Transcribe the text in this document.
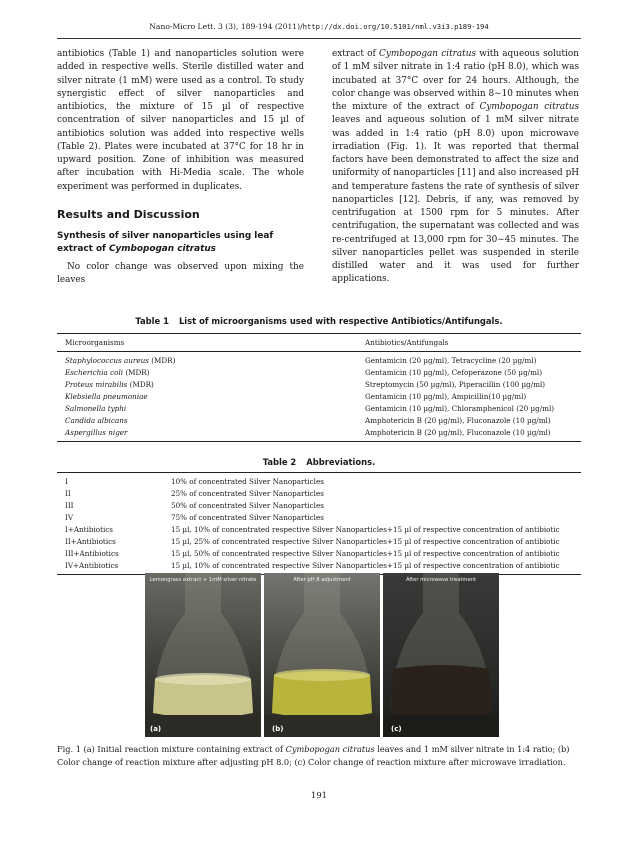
Nano-Micro Lett. 3 (3), 189-194 (2011)/http://dx.doi.org/10.5101/nml.v3i3.p189-194

antibiotics (Table 1) and nanoparticles solution were added in respective wells. Sterile distilled water and silver nitrate (1 mM) were used as a control. To study synergistic effect of silver nanoparticles and antibiotics, the mixture of 15 µl of respective concentration of silver nanoparticles and 15 µl of antibiotics solution was added into respective wells (Table 2). Plates were incubated at 37°C for 18 hr in upward position. Zone of inhibition was measured after incubation with Hi-Media scale. The whole experiment was performed in duplicates.

Results and Discussion
Synthesis of silver nanoparticles using leaf extract of Cymbopogan citratus

No color change was observed upon mixing the leaves

extract of Cymbopogan citratus with aqueous solution of 1 mM silver nitrate in 1:4 ratio (pH 8.0), which was incubated at 37°C over for 24 hours. Although, the color change was observed within 8∼10 minutes when the mixture of the extract of Cymbopogan citratus leaves and aqueous solution of 1 mM silver nitrate was added in 1:4 ratio (pH 8.0) upon microwave irradiation (Fig. 1). It was reported that thermal factors have been demonstrated to affect the size and uniformity of nanoparticles [11] and also increased pH and temperature fastens the rate of synthesis of silver nanoparticles [12]. Debris, if any, was removed by centrifugation at 1500 rpm for 5 minutes. After centrifugation, the supernatant was collected and was re-centrifuged at 13,000 rpm for 30∼45 minutes. The silver nanoparticles pellet was suspended in sterile distilled water and it was used for further applications.

Table 1 List of microorganisms used with respective Antibiotics/Antifungals.
Microorganisms	Antibiotics/Antifungals
Staphylococcus aureus (MDR)	Gentamicin (20 µg/ml), Tetracycline (20 µg/ml)
Escherichia coli (MDR)	Gentamicin (10 µg/ml), Cefoperazone (50 µg/ml)
Proteus mirabilis (MDR)	Streptomycin (50 µg/ml), Piperacillin (100 µg/ml)
Klebsiella pneumoniae	Gentamicin (10 µg/ml), Ampicillin(10 µg/ml)
Salmonella typhi	Gentamicin (10 µg/ml), Chloramphenicol (20 µg/ml)
Candida albicans	Amphotericin B (20 µg/ml), Fluconazole (10 µg/ml)
Aspergillus niger	Amphotericin B (20 µg/ml), Fluconazole (10 µg/ml)
Table 2 Abbreviations.
I	10% of concentrated Silver Nanoparticles
II	25% of concentrated Silver Nanoparticles
III	50% of concentrated Silver Nanoparticles
IV	75% of concentrated Silver Nanoparticles
I+Antibiotics	15 µl, 10% of concentrated respective Silver Nanoparticles+15 µl of respective concentration of antibiotic
II+Antibiotics	15 µl, 25% of concentrated respective Silver Nanoparticles+15 µl of respective concentration of antibiotic
III+Antibiotics	15 µl, 50% of concentrated respective Silver Nanoparticles+15 µl of respective concentration of antibiotic
IV+Antibiotics	15 µl, 10% of concentrated respective Silver Nanoparticles+15 µl of respective concentration of antibiotic
Lemongrass extract + 1mM silver nitrate
(a)
After pH 8 adjustment
(b)
After microwave treatment
(c)
Fig. 1 (a) Initial reaction mixture containing extract of Cymbopogan citratus leaves and 1 mM silver nitrate in 1:4 ratio; (b) Color change of reaction mixture after adjusting pH 8.0; (c) Color change of reaction mixture after microwave irradiation.
191
